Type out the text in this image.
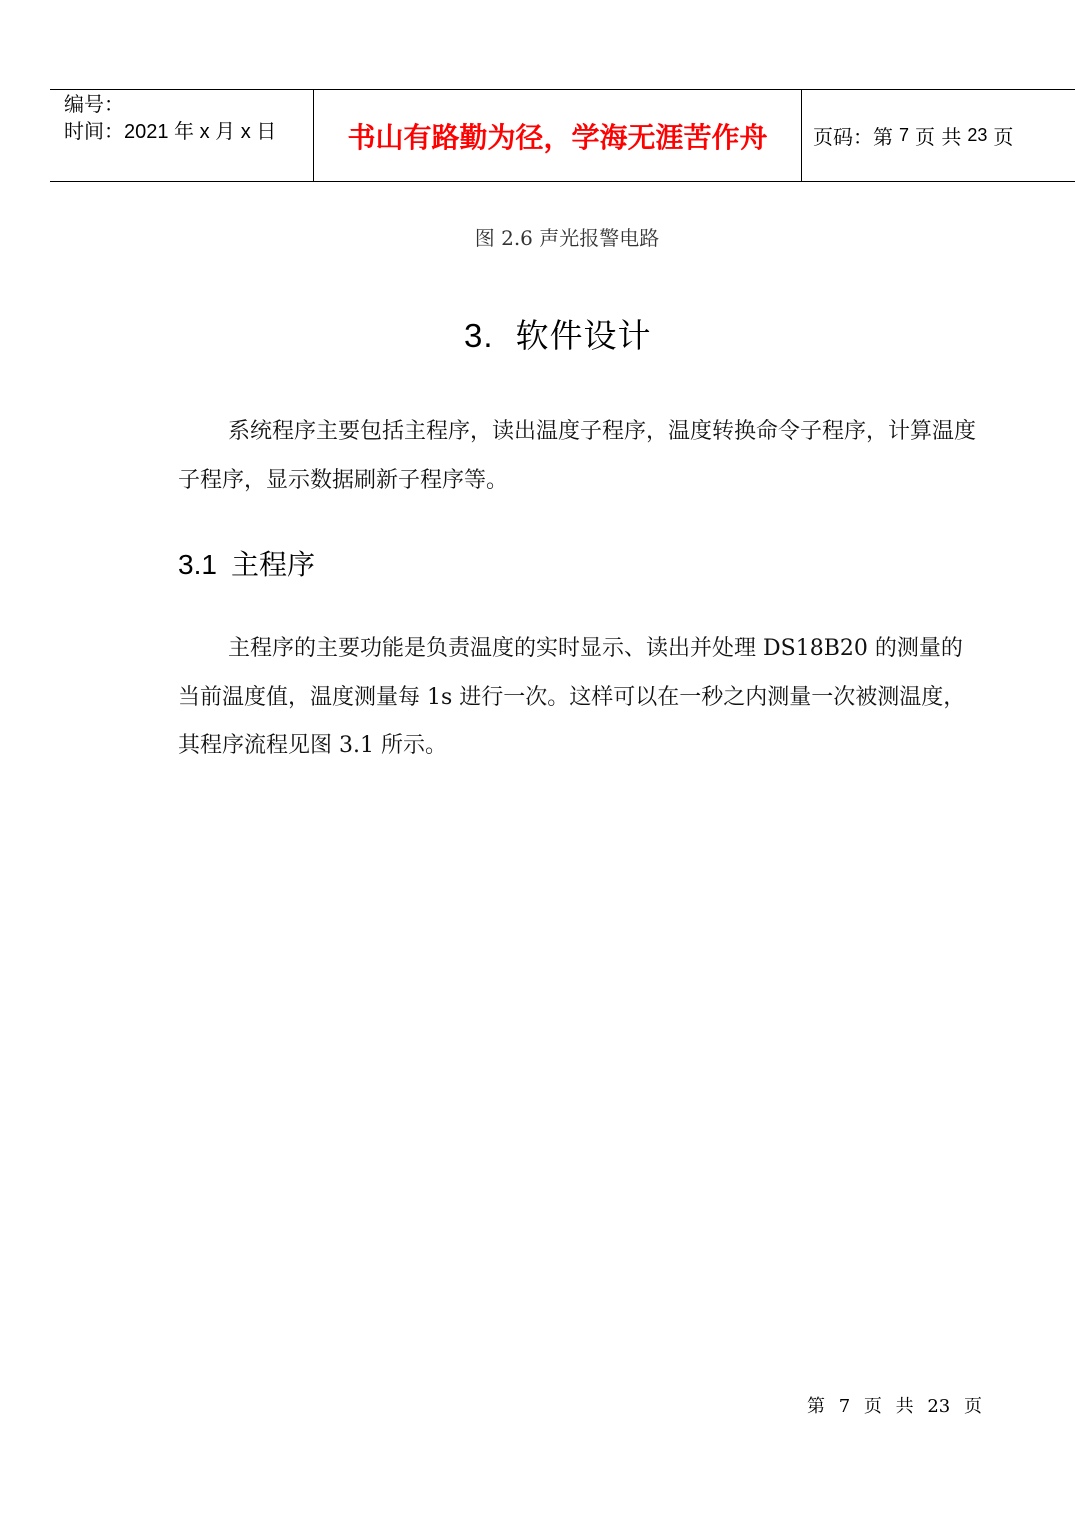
编号：
时间：2021 年 x 月 x 日	书山有路勤为径，学海无涯苦作舟	页码：第 7 页 共 23 页
图 2.6 声光报警电路
3. 软件设计
系统程序主要包括主程序，读出温度子程序，温度转换命令子程序，计算温度子程序，显示数据刷新子程序等。
3.1 主程序
主程序的主要功能是负责温度的实时显示、读出并处理 DS18B20 的测量的当前温度值，温度测量每 1s 进行一次。这样可以在一秒之内测量一次被测温度，其程序流程见图 3.1 所示。
第 7 页 共 23 页
